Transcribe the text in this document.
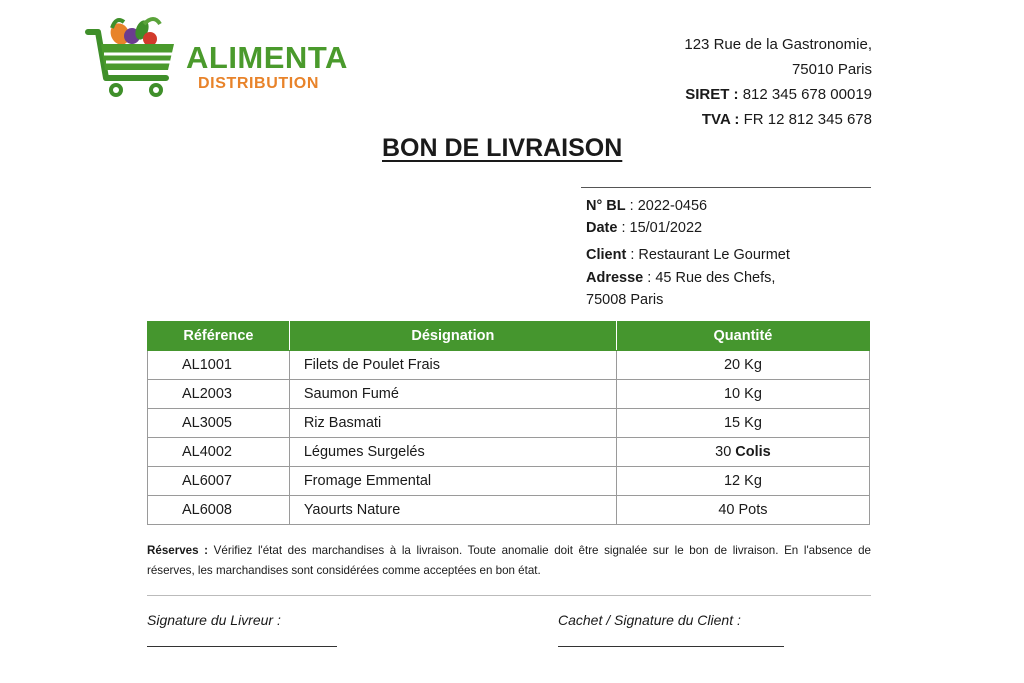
ALIMENTA
DISTRIBUTION
123 Rue de la Gastronomie,
75010 Paris
SIRET : 812 345 678 00019
TVA : FR 12 812 345 678
BON DE LIVRAISON
N° BL : 2022-0456
Date : 15/01/2022
Client : Restaurant Le Gourmet
Adresse : 45 Rue des Chefs,
75008 Paris
Référence	Désignation	Quantité
AL1001	Filets de Poulet Frais	20 Kg
AL2003	Saumon Fumé	10 Kg
AL3005	Riz Basmati	15 Kg
AL4002	Légumes Surgelés	30 Colis
AL6007	Fromage Emmental	12 Kg
AL6008	Yaourts Nature	40 Pots
Réserves : Vérifiez l'état des marchandises à la livraison. Toute anomalie doit être signalée sur le bon de livraison. En l'absence de réserves, les marchandises sont considérées comme acceptées en bon état.
Signature du Livreur :	Cachet / Signature du Client :
